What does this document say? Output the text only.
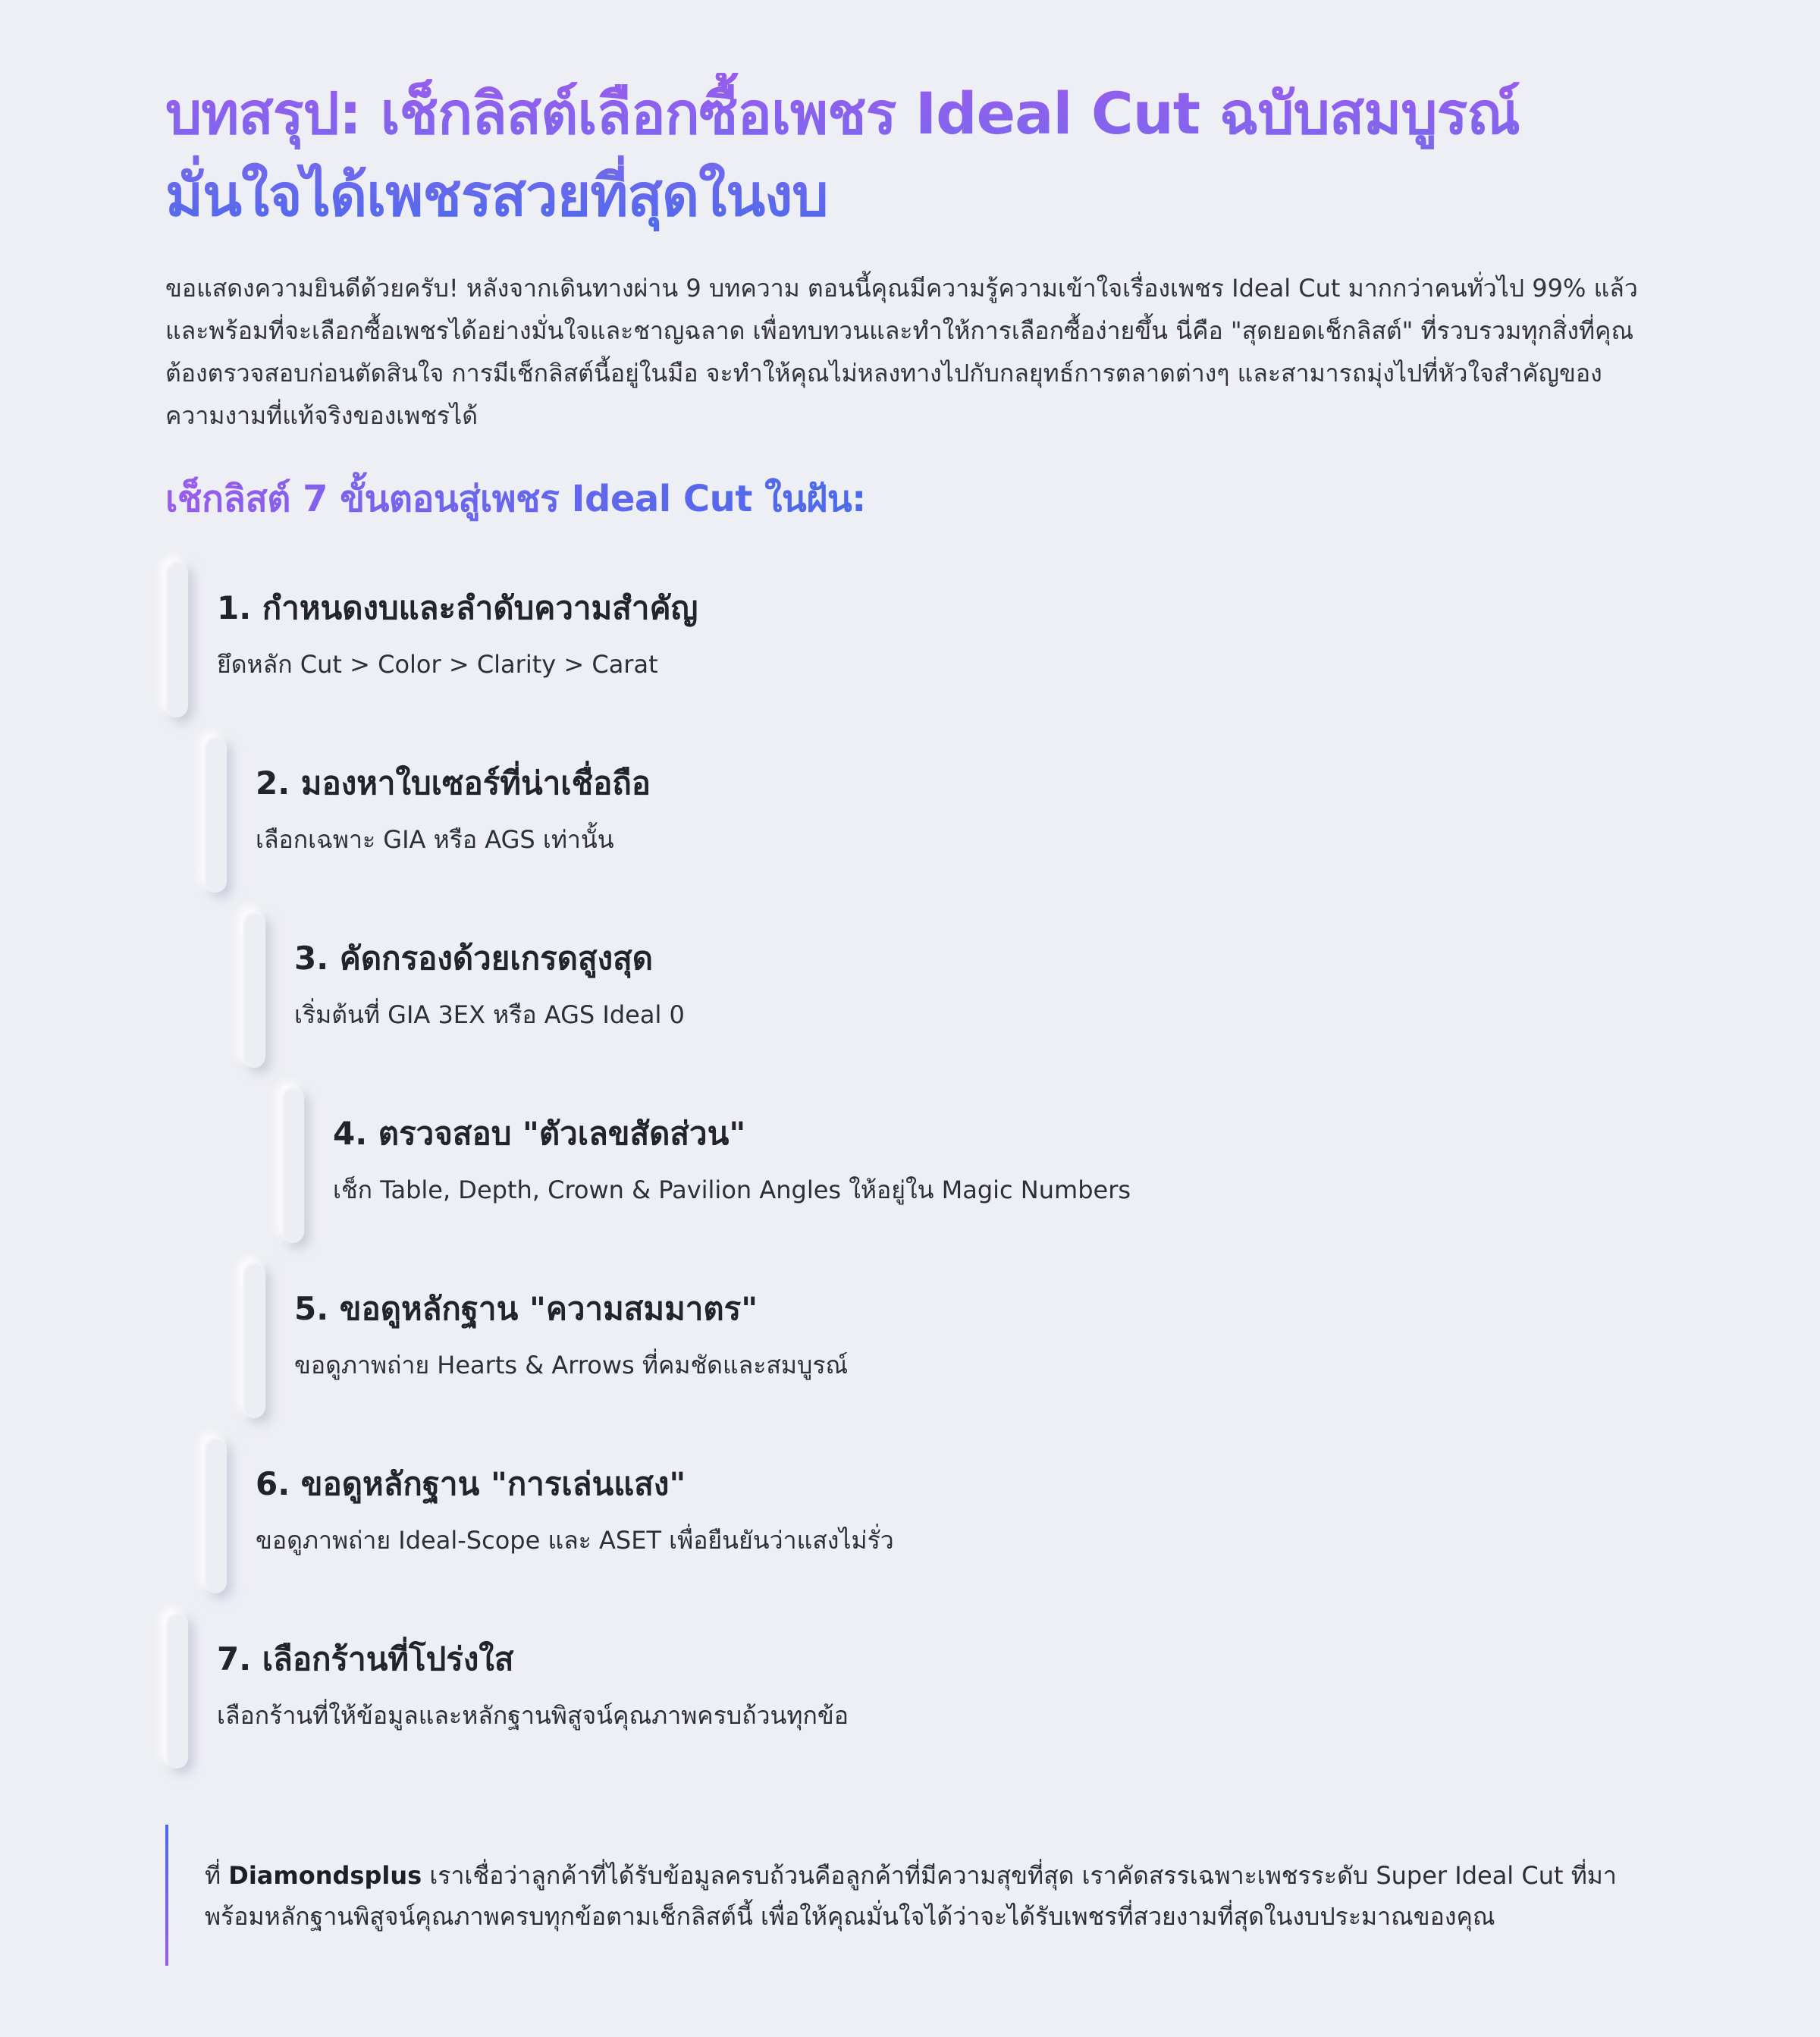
บทสรุป: เช็กลิสต์เลือกซื้อเพชร Ideal Cut ฉบับสมบูรณ์ มั่นใจได้เพชรสวยที่สุดในงบ

ขอแสดงความยินดีด้วยครับ! หลังจากเดินทางผ่าน 9 บทความ ตอนนี้คุณมีความรู้ความเข้าใจเรื่องเพชร Ideal Cut มากกว่าคนทั่วไป 99% แล้ว และพร้อมที่จะเลือกซื้อเพชรได้อย่างมั่นใจและชาญฉลาด เพื่อทบทวนและทำให้การเลือกซื้อง่ายขึ้น นี่คือ "สุดยอดเช็กลิสต์" ที่รวบรวมทุกสิ่งที่คุณต้องตรวจสอบก่อนตัดสินใจ การมีเช็กลิสต์นี้อยู่ในมือ จะทำให้คุณไม่หลงทางไปกับกลยุทธ์การตลาดต่างๆ และสามารถมุ่งไปที่หัวใจสำคัญของความงามที่แท้จริงของเพชรได้

เช็กลิสต์ 7 ขั้นตอนสู่เพชร Ideal Cut ในฝัน:
1. กำหนดงบและลำดับความสำคัญ

ยึดหลัก Cut > Color > Clarity > Carat

2. มองหาใบเซอร์ที่น่าเชื่อถือ

เลือกเฉพาะ GIA หรือ AGS เท่านั้น

3. คัดกรองด้วยเกรดสูงสุด

เริ่มต้นที่ GIA 3EX หรือ AGS Ideal 0

4. ตรวจสอบ "ตัวเลขสัดส่วน"

เช็ก Table, Depth, Crown & Pavilion Angles ให้อยู่ใน Magic Numbers

5. ขอดูหลักฐาน "ความสมมาตร"

ขอดูภาพถ่าย Hearts & Arrows ที่คมชัดและสมบูรณ์

6. ขอดูหลักฐาน "การเล่นแสง"

ขอดูภาพถ่าย Ideal-Scope และ ASET เพื่อยืนยันว่าแสงไม่รั่ว

7. เลือกร้านที่โปร่งใส

เลือกร้านที่ให้ข้อมูลและหลักฐานพิสูจน์คุณภาพครบถ้วนทุกข้อ

ที่ Diamondsplus เราเชื่อว่าลูกค้าที่ได้รับข้อมูลครบถ้วนคือลูกค้าที่มีความสุขที่สุด เราคัดสรรเฉพาะเพชรระดับ Super Ideal Cut ที่มาพร้อมหลักฐานพิสูจน์คุณภาพครบทุกข้อตามเช็กลิสต์นี้ เพื่อให้คุณมั่นใจได้ว่าจะได้รับเพชรที่สวยงามที่สุดในงบประมาณของคุณ
